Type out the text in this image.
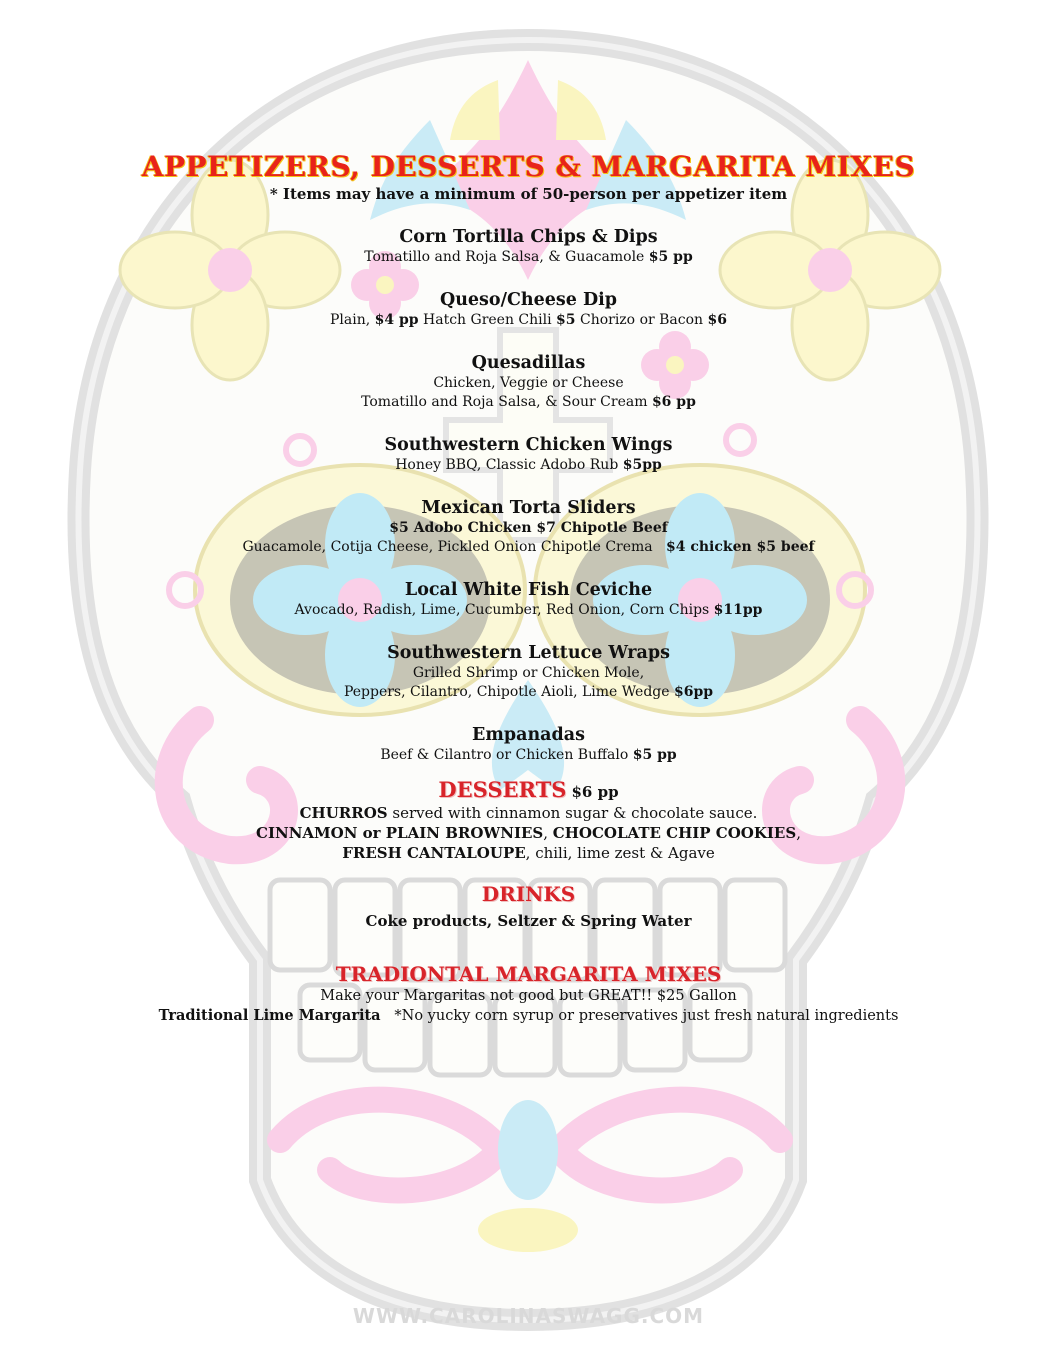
APPETIZERS, DESSERTS & MARGARITA MIXES
* Items may have a minimum of 50-person per appetizer item
Corn Tortilla Chips & Dips
Tomatillo and Roja Salsa, & Guacamole $5 pp
Queso/Cheese Dip
Plain, $4 pp Hatch Green Chili $5 Chorizo or Bacon $6
Quesadillas
Chicken, Veggie or Cheese
Tomatillo and Roja Salsa, & Sour Cream $6 pp
Southwestern Chicken Wings
Honey BBQ, Classic Adobo Rub $5pp
Mexican Torta Sliders
$5 Adobo Chicken $7 Chipotle Beef
Guacamole, Cotija Cheese, Pickled Onion Chipotle Crema   $4 chicken $5 beef
Local White Fish Ceviche
Avocado, Radish, Lime, Cucumber, Red Onion, Corn Chips $11pp
Southwestern Lettuce Wraps
Grilled Shrimp or Chicken Mole,
Peppers, Cilantro, Chipotle Aioli, Lime Wedge $6pp
Empanadas
Beef & Cilantro or Chicken Buffalo $5 pp
DESSERTS $6 pp
CHURROS served with cinnamon sugar & chocolate sauce.
CINNAMON or PLAIN BROWNIES, CHOCOLATE CHIP COOKIES,
FRESH CANTALOUPE, chili, lime zest & Agave
DRINKS
Coke products, Seltzer & Spring Water
TRADIONTAL MARGARITA MIXES
Make your Margaritas not good but GREAT!! $25 Gallon
Traditional Lime Margarita   *No yucky corn syrup or preservatives just fresh natural ingredients
WWW.CAROLINASWAGG.COM
